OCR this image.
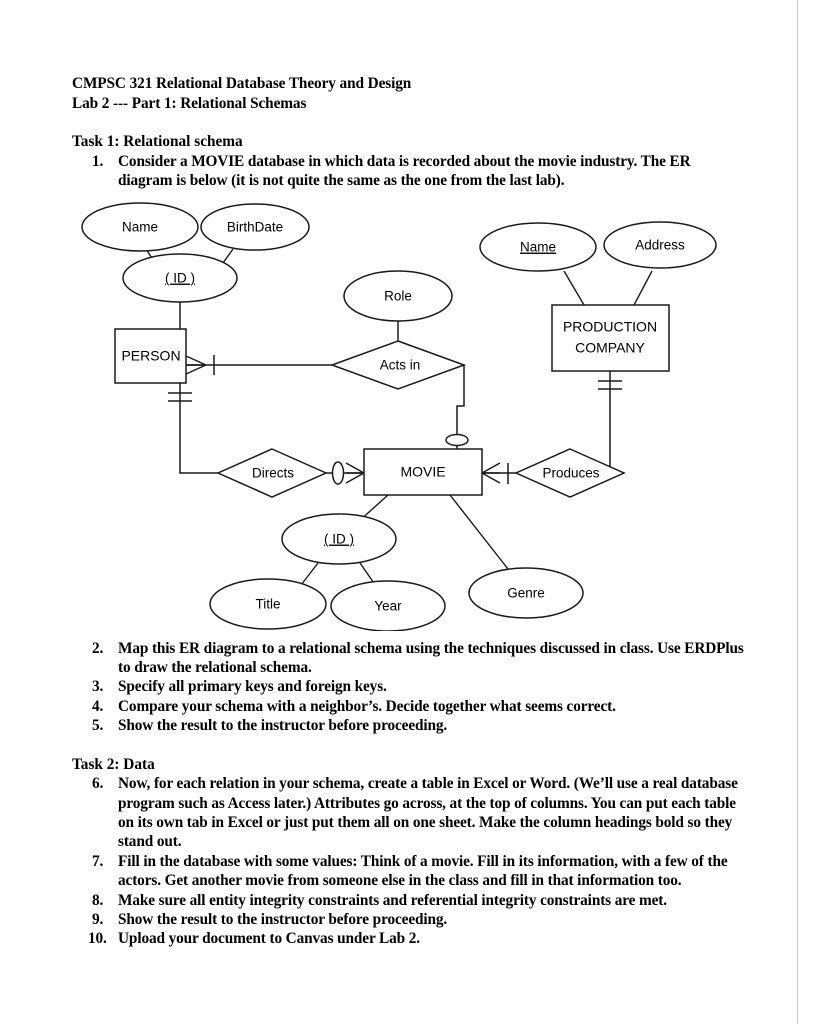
CMPSC 321 Relational Database Theory and Design
Lab 2 --- Part 1: Relational Schemas
Task 1: Relational schema
1. Consider a MOVIE database in which data is recorded about the movie industry. The ER diagram is below (it is not quite the same as the one from the last lab).
Name	BirthDate
( ID )
Role
Name	Address
( ID )
Title	Year
Genre
Acts in
Directs	Produces
PERSON
MOVIE
PRODUCTION
COMPANY
2. Map this ER diagram to a relational schema using the techniques discussed in class. Use ERDPlus to draw the relational schema.
3. Specify all primary keys and foreign keys.
4. Compare your schema with a neighbor’s. Decide together what seems correct.
5. Show the result to the instructor before proceeding.
Task 2: Data
6. Now, for each relation in your schema, create a table in Excel or Word. (We’ll use a real database program such as Access later.) Attributes go across, at the top of columns. You can put each table on its own tab in Excel or just put them all on one sheet. Make the column headings bold so they stand out.
7. Fill in the database with some values: Think of a movie. Fill in its information, with a few of the actors. Get another movie from someone else in the class and fill in that information too.
8. Make sure all entity integrity constraints and referential integrity constraints are met.
9. Show the result to the instructor before proceeding.
10. Upload your document to Canvas under Lab 2.
